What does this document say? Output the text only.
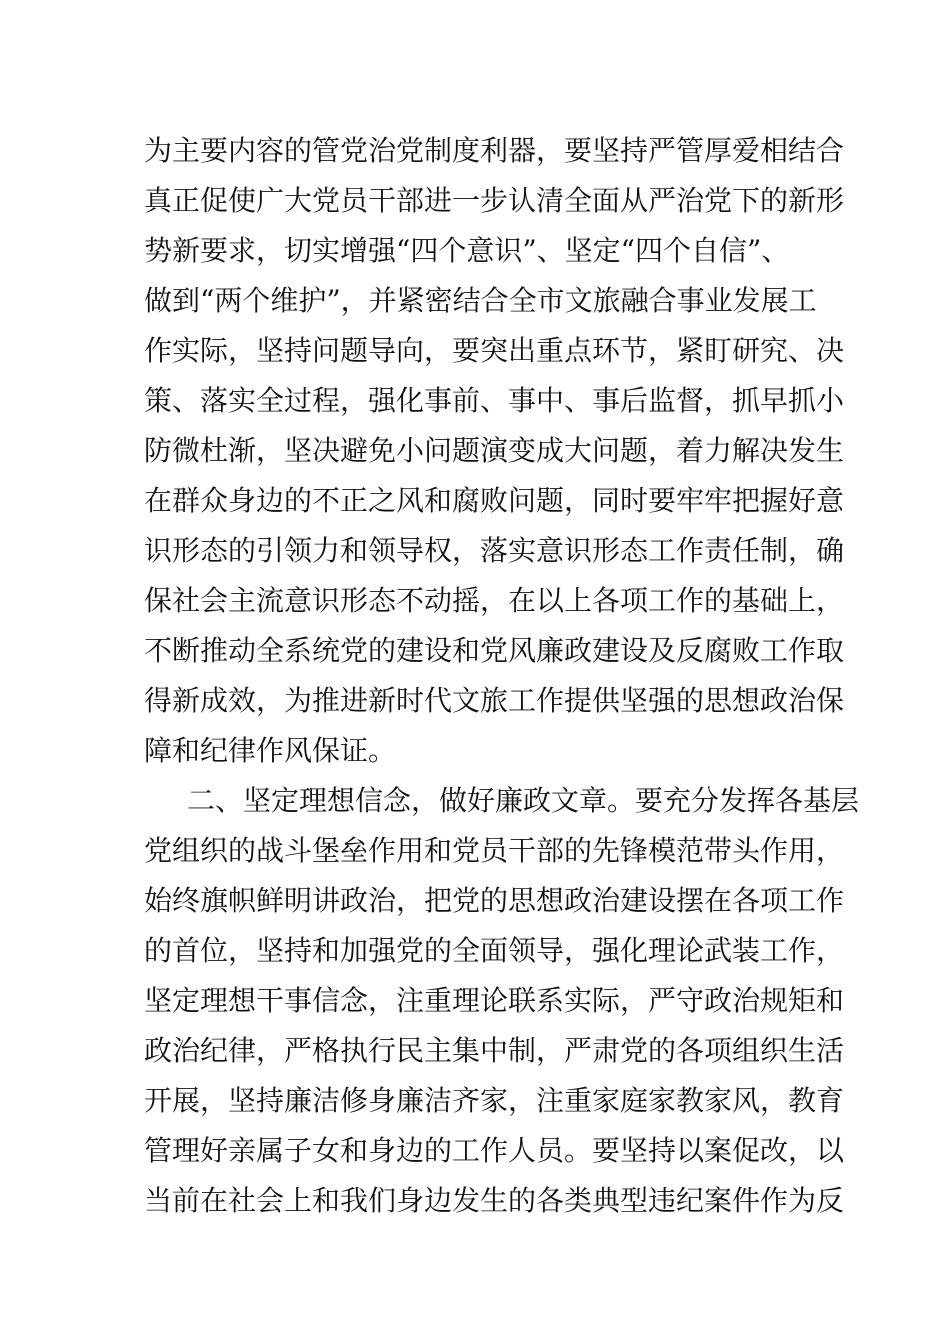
为主要内容的管党治党制度利器，要坚持严管厚爱相结合
真正促使广大党员干部进一步认清全面从严治党下的新形
势新要求，切实增强“四个意识”、坚定“四个自信”、
做到“两个维护”，并紧密结合全市文旅融合事业发展工
作实际，坚持问题导向，要突出重点环节，紧盯研究、决
策、落实全过程，强化事前、事中、事后监督，抓早抓小
防微杜渐，坚决避免小问题演变成大问题，着力解决发生
在群众身边的不正之风和腐败问题，同时要牢牢把握好意
识形态的引领力和领导权，落实意识形态工作责任制，确
保社会主流意识形态不动摇，在以上各项工作的基础上，
不断推动全系统党的建设和党风廉政建设及反腐败工作取
得新成效，为推进新时代文旅工作提供坚强的思想政治保
障和纪律作风保证。
二、坚定理想信念，做好廉政文章。要充分发挥各基层
党组织的战斗堡垒作用和党员干部的先锋模范带头作用，
始终旗帜鲜明讲政治，把党的思想政治建设摆在各项工作
的首位，坚持和加强党的全面领导，强化理论武装工作，
坚定理想干事信念，注重理论联系实际，严守政治规矩和
政治纪律，严格执行民主集中制，严肃党的各项组织生活
开展，坚持廉洁修身廉洁齐家，注重家庭家教家风，教育
管理好亲属子女和身边的工作人员。要坚持以案促改，以
当前在社会上和我们身边发生的各类典型违纪案件作为反
